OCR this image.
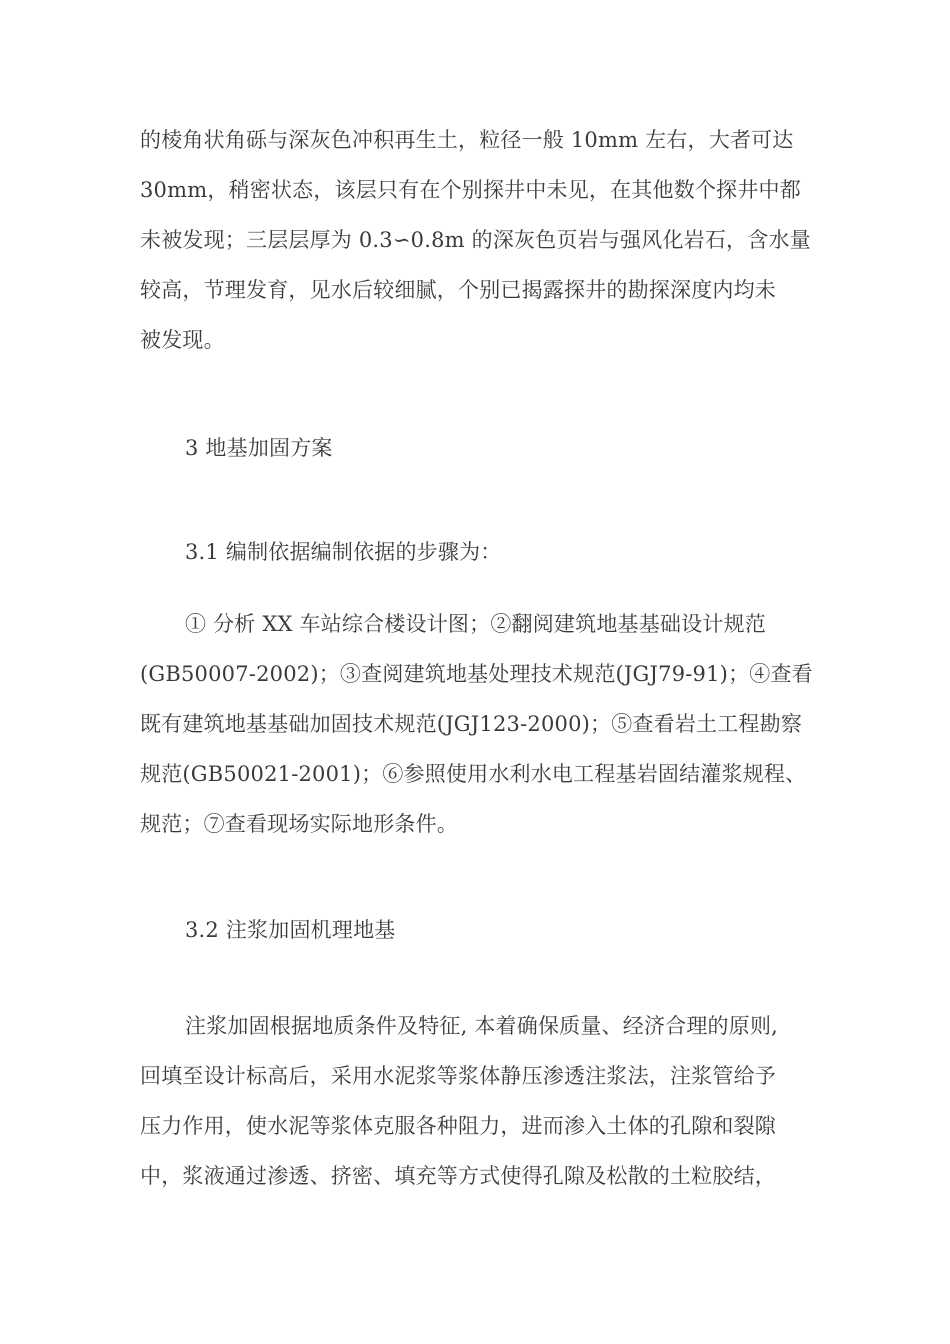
的棱角状角砾与深灰色冲积再生土，粒径一般 10mm 左右，大者可达
30mm，稍密状态，该层只有在个别探井中未见，在其他数个探井中都
未被发现；三层层厚为 0.3∽0.8m 的深灰色页岩与强风化岩石，含水量
较高，节理发育，见水后较细腻，个别已揭露探井的勘探深度内均未
被发现。
3 地基加固方案
3.1 编制依据编制依据的步骤为：
① 分析 XX 车站综合楼设计图；②翻阅建筑地基基础设计规范
(GB50007-2002)；③查阅建筑地基处理技术规范(JGJ79-91)；④查看
既有建筑地基基础加固技术规范(JGJ123-2000)；⑤查看岩土工程勘察
规范(GB50021-2001)；⑥参照使用水利水电工程基岩固结灌浆规程、
规范；⑦查看现场实际地形条件。
3.2 注浆加固机理地基
注浆加固根据地质条件及特征, 本着确保质量、经济合理的原则,
回填至设计标高后，采用水泥浆等浆体静压渗透注浆法，注浆管给予
压力作用，使水泥等浆体克服各种阻力，进而渗入土体的孔隙和裂隙
中，浆液通过渗透、挤密、填充等方式使得孔隙及松散的土粒胶结，
